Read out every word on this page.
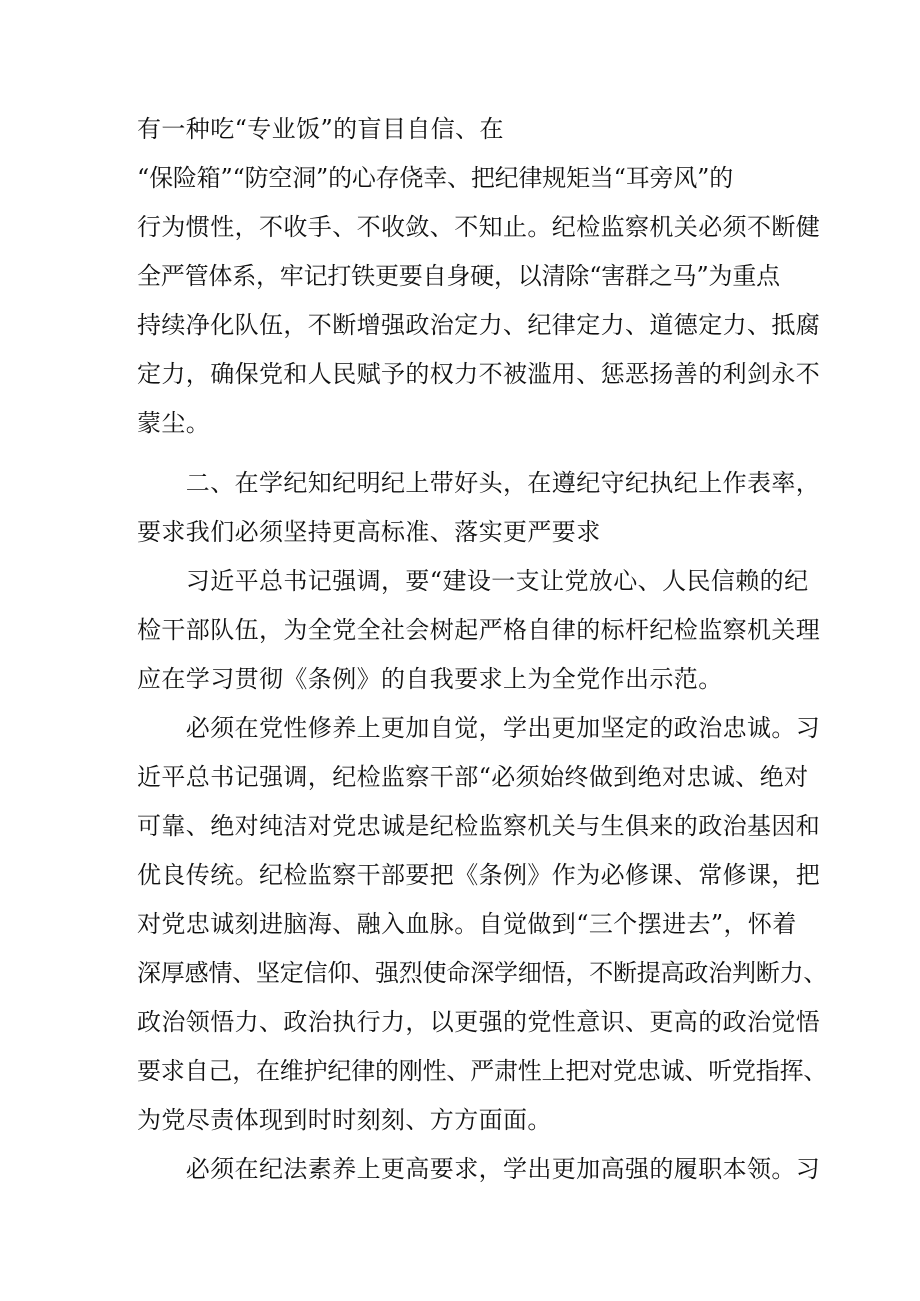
有一种吃“专业饭”的盲目自信、在
“保险箱”“防空洞”的心存侥幸、把纪律规矩当“耳旁风”的
行为惯性，不收手、不收敛、不知止。纪检监察机关必须不断健
全严管体系，牢记打铁更要自身硬，以清除“害群之马”为重点
持续净化队伍，不断增强政治定力、纪律定力、道德定力、抵腐
定力，确保党和人民赋予的权力不被滥用、惩恶扬善的利剑永不
蒙尘。
　　二、在学纪知纪明纪上带好头，在遵纪守纪执纪上作表率，
要求我们必须坚持更高标准、落实更严要求
　　习近平总书记强调，要“建设一支让党放心、人民信赖的纪
检干部队伍，为全党全社会树起严格自律的标杆纪检监察机关理
应在学习贯彻《条例》的自我要求上为全党作出示范。
　　必须在党性修养上更加自觉，学出更加坚定的政治忠诚。习
近平总书记强调，纪检监察干部“必须始终做到绝对忠诚、绝对
可靠、绝对纯洁对党忠诚是纪检监察机关与生俱来的政治基因和
优良传统。纪检监察干部要把《条例》作为必修课、常修课，把
对党忠诚刻进脑海、融入血脉。自觉做到“三个摆进去”，怀着
深厚感情、坚定信仰、强烈使命深学细悟，不断提高政治判断力、
政治领悟力、政治执行力，以更强的党性意识、更高的政治觉悟
要求自己，在维护纪律的刚性、严肃性上把对党忠诚、听党指挥、
为党尽责体现到时时刻刻、方方面面。
　　必须在纪法素养上更高要求，学出更加高强的履职本领。习
